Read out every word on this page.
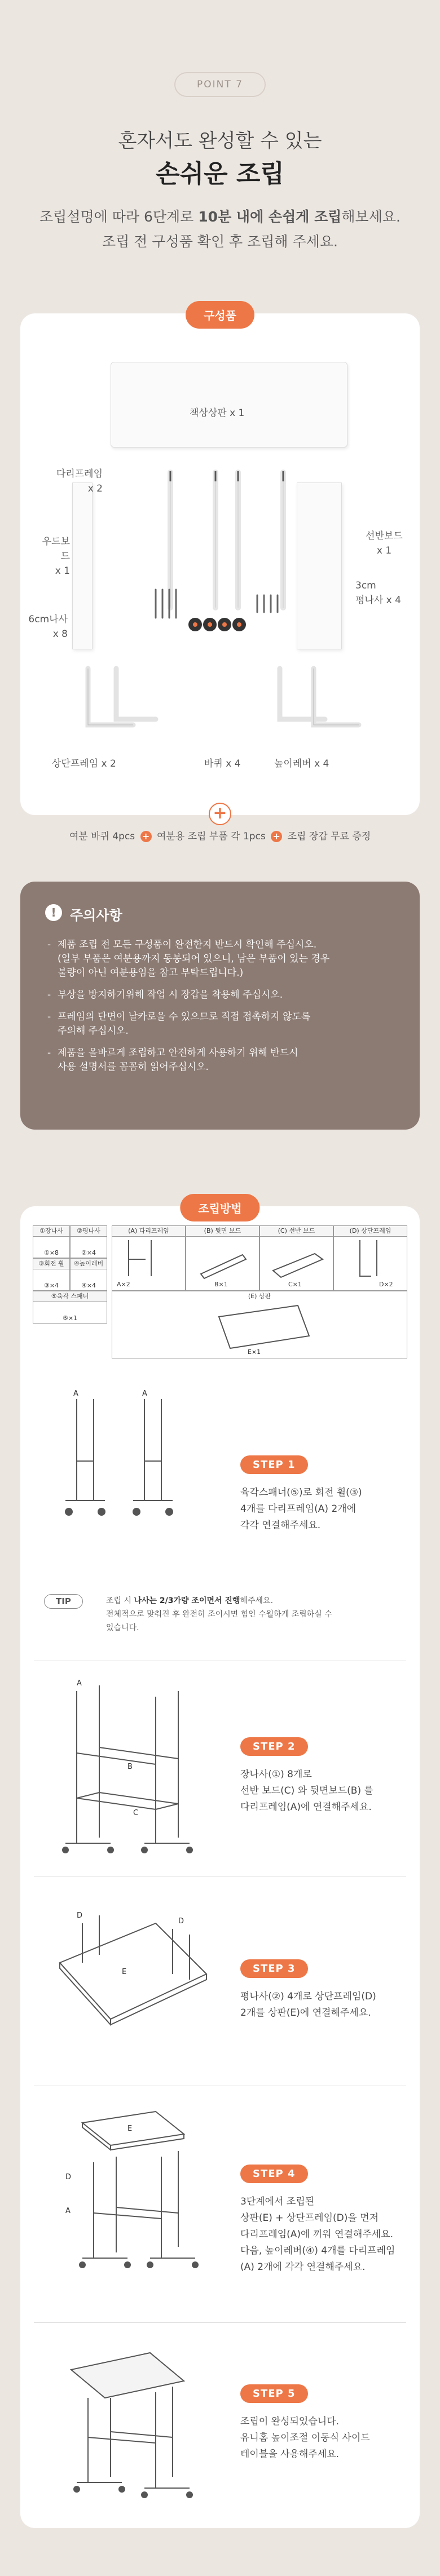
POINT 7
혼자서도 완성할 수 있는
손쉬운 조립
조립설명에 따라 6단계로 10분 내에 손쉽게 조립해보세요.
조립 전 구성품 확인 후 조립해 주세요.
구성품
책상상판 x 1
다리프레임
x 2
우드보드
x 1
선반보드
x 1
6cm나사
x 8
3cm
평나사 x 4
상단프레임 x 2	바퀴 x 4	높이레버 x 4
+
여분 바퀴 4pcs + 여분용 조립 부품 각 1pcs + 조립 장갑 무료 증정
!	주의사항
- 제품 조립 전 모든 구성품이 완전한지 반드시 확인해 주십시오.
(일부 부품은 여분용까지 동봉되어 있으니, 남은 부품이 있는 경우
불량이 아닌 여분용임을 참고 부탁드립니다.)
- 부상을 방지하기위해 작업 시 장갑을 착용해 주십시오.
- 프레임의 단면이 날카로울 수 있으므로 직접 접촉하지 않도록
주의해 주십시오.
- 제품을 올바르게 조립하고 안전하게 사용하기 위해 반드시
사용 설명서를 꼼꼼히 읽어주십시오.
조립방법
①장나사
①×8
②평나사
②×4
③회전 휠
③×4
④높이레버
④×4
⑤육각 스패너
⑤×1
(A) 다리프레임
A×2
(B) 뒷면 보드
B×1
(C) 선반 보드
C×1
(D) 상단프레임
D×2
(E) 상판
E×1
A	A
STEP 1
육각스패너(⑤)로 회전 휠(③)
4개를 다리프레임(A) 2개에
각각 연결해주세요.
TIP	조립 시 나사는 2/3가량 조이면서 진행해주세요.
전체적으로 맞춰진 후 완전히 조이시면 힘인 수월하게 조립하실 수
있습니다.
A
B
C
STEP 2
장나사(①) 8개로
선반 보드(C) 와 뒷면보드(B) 를
다리프레임(A)에 연결해주세요.
E
D
D
STEP 3
평나사(②) 4개로 상단프레임(D)
2개를 상판(E)에 연결해주세요.
E
D
A
STEP 4
3단계에서 조립된
상판(E) + 상단프레임(D)을 먼저
다리프레임(A)에 끼워 연결해주세요.
다음, 높이레버(④) 4개를 다리프레임
(A) 2개에 각각 연결해주세요.
STEP 5
조립이 완성되었습니다.
유니홈 높이조절 이동식 사이드
테이블을 사용해주세요.
